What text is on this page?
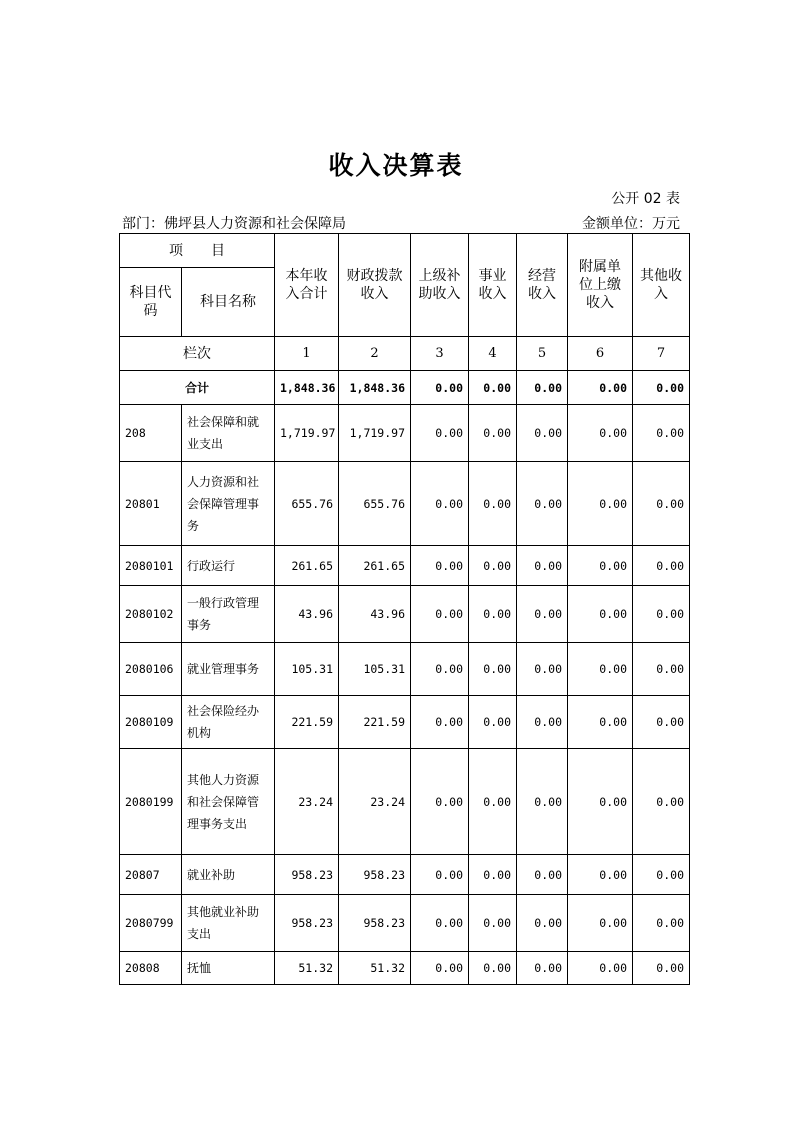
收入决算表
公开 02 表
部门：佛坪县人力资源和社会保障局	金额单位：万元
项　　目		本年收入合计	财政拨款收入	上级补助收入	事业收入	经营收入	附属单位上缴收入	其他收入
科目代码	科目名称							
栏次		1	2	3	4	5	6	7
合计		1,848.36	1,848.36	0.00	0.00	0.00	0.00	0.00
208	社会保障和就业支出	1,719.97	1,719.97	0.00	0.00	0.00	0.00	0.00
20801	人力资源和社会保障管理事务	655.76	655.76	0.00	0.00	0.00	0.00	0.00
2080101	行政运行	261.65	261.65	0.00	0.00	0.00	0.00	0.00
2080102	一般行政管理事务	43.96	43.96	0.00	0.00	0.00	0.00	0.00
2080106	就业管理事务	105.31	105.31	0.00	0.00	0.00	0.00	0.00
2080109	社会保险经办机构	221.59	221.59	0.00	0.00	0.00	0.00	0.00
2080199	其他人力资源和社会保障管理事务支出	23.24	23.24	0.00	0.00	0.00	0.00	0.00
20807	就业补助	958.23	958.23	0.00	0.00	0.00	0.00	0.00
2080799	其他就业补助支出	958.23	958.23	0.00	0.00	0.00	0.00	0.00
20808	抚恤	51.32	51.32	0.00	0.00	0.00	0.00	0.00
